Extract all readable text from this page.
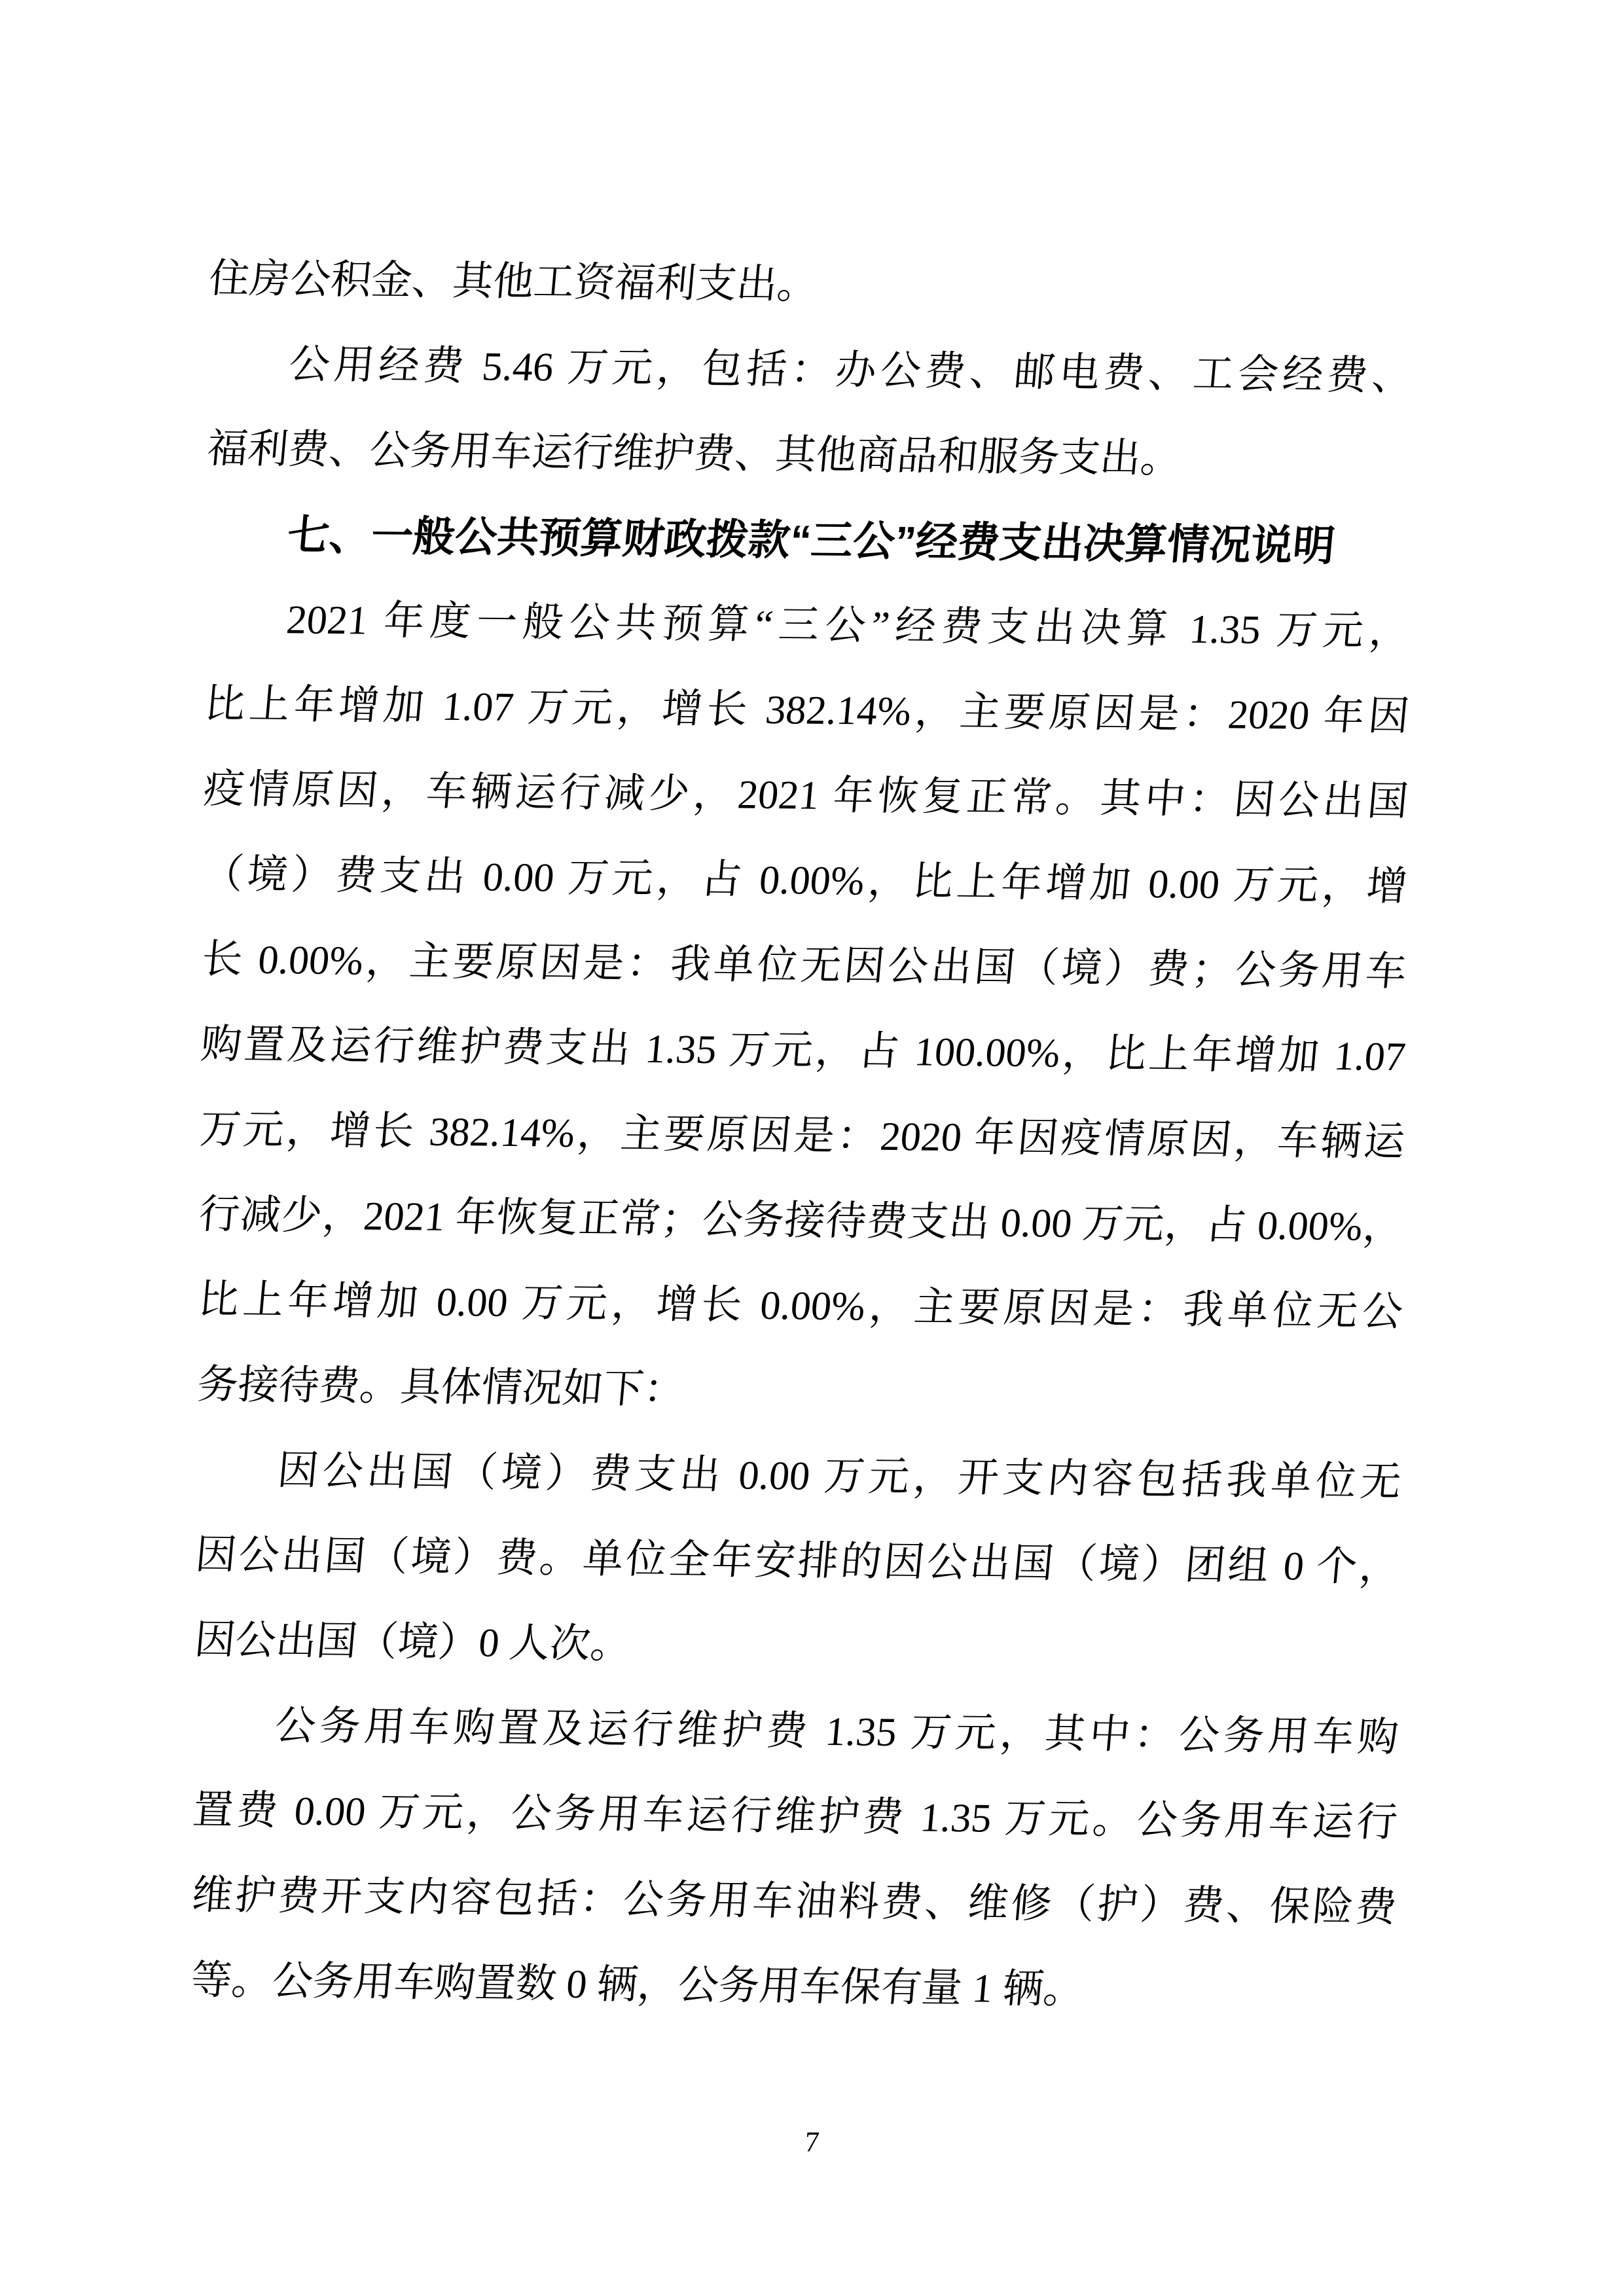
住房公积金、其他工资福利支出。
公用经费 5.46 万元，包括：办公费、邮电费、工会经费、
福利费、公务用车运行维护费、其他商品和服务支出。
七、一般公共预算财政拨款“三公”经费支出决算情况说明
2021 年度一般公共预算“三公”经费支出决算 1.35 万元，
比上年增加 1.07 万元，增长 382.14%，主要原因是：2020 年因
疫情原因，车辆运行减少，2021 年恢复正常。其中：因公出国
（境）费支出 0.00 万元，占 0.00%，比上年增加 0.00 万元，增
长 0.00%，主要原因是：我单位无因公出国（境）费；公务用车
购置及运行维护费支出 1.35 万元，占 100.00%，比上年增加 1.07
万元，增长 382.14%，主要原因是：2020 年因疫情原因，车辆运
行减少，2021 年恢复正常；公务接待费支出 0.00 万元，占 0.00%，
比上年增加 0.00 万元，增长 0.00%，主要原因是：我单位无公
务接待费。具体情况如下：
因公出国（境）费支出 0.00 万元，开支内容包括我单位无
因公出国（境）费。单位全年安排的因公出国（境）团组 0 个，
因公出国（境）0 人次。
公务用车购置及运行维护费 1.35 万元，其中：公务用车购
置费 0.00 万元，公务用车运行维护费 1.35 万元。公务用车运行
维护费开支内容包括：公务用车油料费、维修（护）费、保险费
等。公务用车购置数 0 辆，公务用车保有量 1 辆。
7
